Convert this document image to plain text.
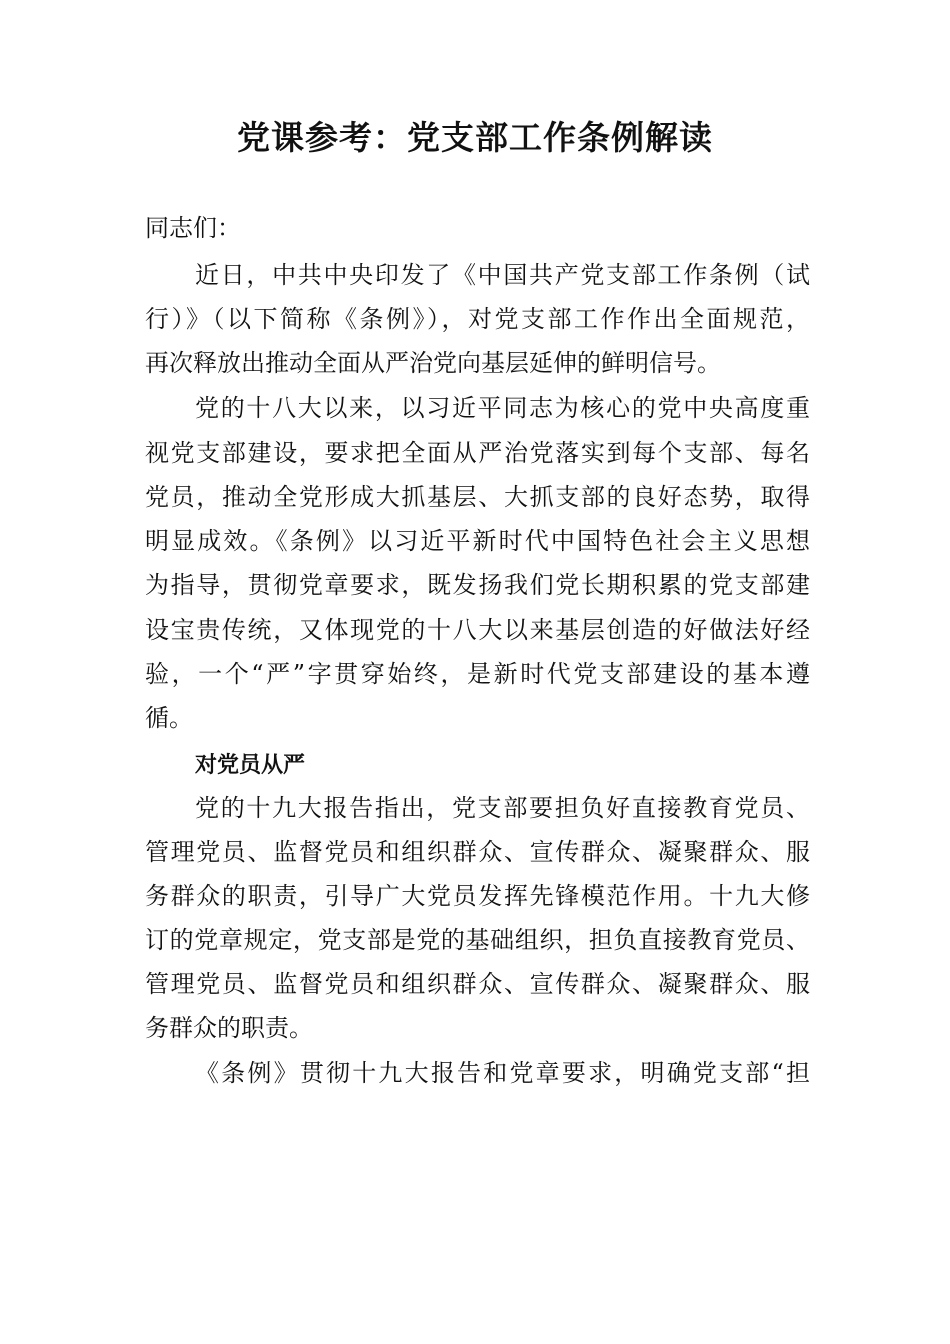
党课参考：党支部工作条例解读

同志们：

近日，中共中央印发了《中国共产党支部工作条例（试

行）》（以下简称《条例》），对党支部工作作出全面规范，

再次释放出推动全面从严治党向基层延伸的鲜明信号。

党的十八大以来，以习近平同志为核心的党中央高度重

视党支部建设，要求把全面从严治党落实到每个支部、每名

党员，推动全党形成大抓基层、大抓支部的良好态势，取得

明显成效。《条例》以习近平新时代中国特色社会主义思想

为指导，贯彻党章要求，既发扬我们党长期积累的党支部建

设宝贵传统，又体现党的十八大以来基层创造的好做法好经

验，一个“严”字贯穿始终，是新时代党支部建设的基本遵

循。

对党员从严

党的十九大报告指出，党支部要担负好直接教育党员、

管理党员、监督党员和组织群众、宣传群众、凝聚群众、服

务群众的职责，引导广大党员发挥先锋模范作用。十九大修

订的党章规定，党支部是党的基础组织，担负直接教育党员、

管理党员、监督党员和组织群众、宣传群众、凝聚群众、服

务群众的职责。

《条例》贯彻十九大报告和党章要求，明确党支部“担
